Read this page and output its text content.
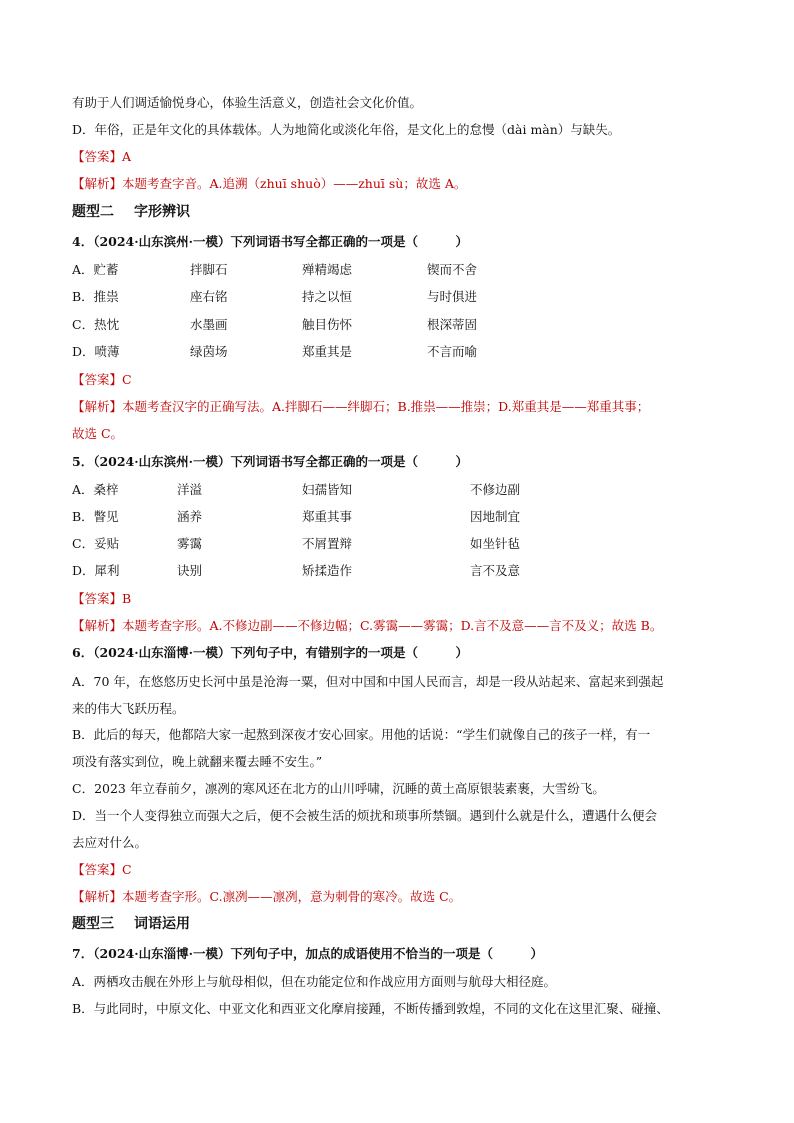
有助于人们调适愉悦身心，体验生活意义，创造社会文化价值。
D．年俗，正是年文化的具体载体。人为地简化或淡化年俗，是文化上的怠慢（dài màn）与缺失。
【答案】A
【解析】本题考查字音。A.追溯（zhuī shuò）——zhuī sù；故选 A。
题型二 字形辨识
4．（2024·山东滨州·一模）下列词语书写全都正确的一项是（　　　）
A．贮蓄	拌脚石	殚精竭虑	锲而不舍
B．推祟	座右铭	持之以恒	与时俱进
C．热忱	水墨画	触目伤怀	根深蒂固
D．喷薄	绿茵场	郑重其是	不言而喻
【答案】C
【解析】本题考查汉字的正确写法。A.拌脚石——绊脚石；B.推祟——推崇；D.郑重其是——郑重其事；
故选 C。
5．（2024·山东滨州·一模）下列词语书写全都正确的一项是（　　　）
A．桑梓	洋溢	妇孺皆知	不修边副
B．瞥见	涵养	郑重其事	因地制宜
C．妥贴	雾霭	不屑置辩	如坐针毡
D．犀利	诀别	矫揉造作	言不及意
【答案】B
【解析】本题考查字形。A.不修边副——不修边幅；C.雾霭——雾霭；D.言不及意——言不及义；故选 B。
6．（2024·山东淄博·一模）下列句子中，有错别字的一项是（　　　）
A．70 年，在悠悠历史长河中虽是沧海一粟，但对中国和中国人民而言，却是一段从站起来、富起来到强起
来的伟大飞跃历程。
B．此后的每天，他都陪大家一起熬到深夜才安心回家。用他的话说：“学生们就像自己的孩子一样，有一
项没有落实到位，晚上就翻来覆去睡不安生。”
C．2023 年立春前夕，凛冽的寒风还在北方的山川呼啸，沉睡的黄土高原银装素裹，大雪纷飞。
D．当一个人变得独立而强大之后，便不会被生活的烦扰和琐事所禁锢。遇到什么就是什么，遭遇什么便会
去应对什么。
【答案】C
【解析】本题考查字形。C.凛冽——凛冽，意为刺骨的寒冷。故选 C。
题型三 词语运用
7．（2024·山东淄博·一模）下列句子中，加点的成语使用不恰当的一项是（　　　）
A．两栖攻击舰在外形上与航母相似，但在功能定位和作战应用方面则与航母大相径庭。
B．与此同时，中原文化、中亚文化和西亚文化摩肩接踵，不断传播到敦煌，不同的文化在这里汇聚、碰撞、
